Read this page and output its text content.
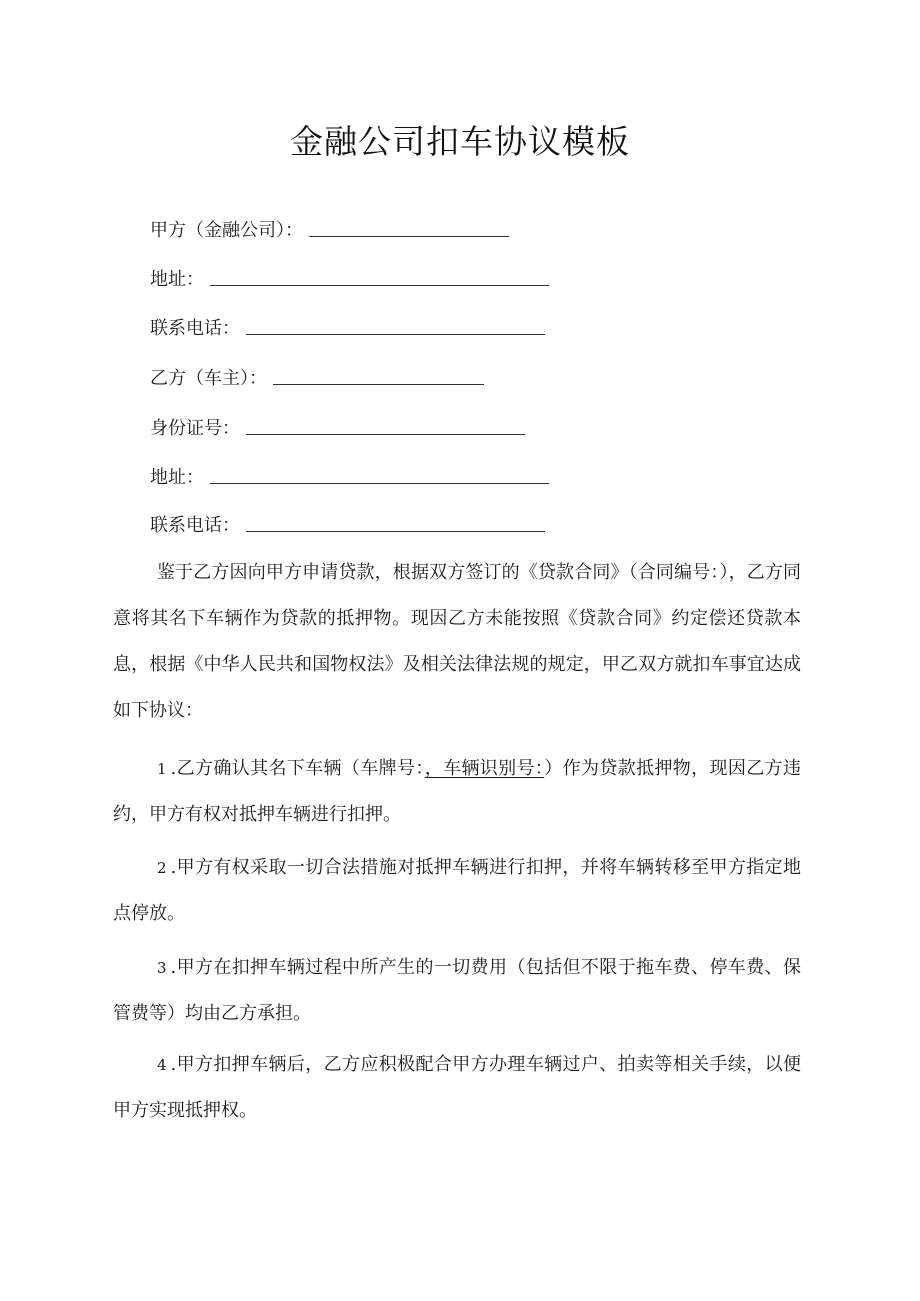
金融公司扣车协议模板
甲方（金融公司）：
地址：
联系电话：
乙方（车主）：
身份证号：
地址：
联系电话：

鉴于乙方因向甲方申请贷款，根据双方签订的《贷款合同》（合同编号：），乙方同意将其名下车辆作为贷款的抵押物。现因乙方未能按照《贷款合同》约定偿还贷款本息，根据《中华人民共和国物权法》及相关法律法规的规定，甲乙双方就扣车事宜达成如下协议：

1 .乙方确认其名下车辆（车牌号：，车辆识别号：）作为贷款抵押物，现因乙方违约，甲方有权对抵押车辆进行扣押。

2 .甲方有权采取一切合法措施对抵押车辆进行扣押，并将车辆转移至甲方指定地点停放。

3 .甲方在扣押车辆过程中所产生的一切费用（包括但不限于拖车费、停车费、保管费等）均由乙方承担。

4 .甲方扣押车辆后，乙方应积极配合甲方办理车辆过户、拍卖等相关手续，以便甲方实现抵押权。
